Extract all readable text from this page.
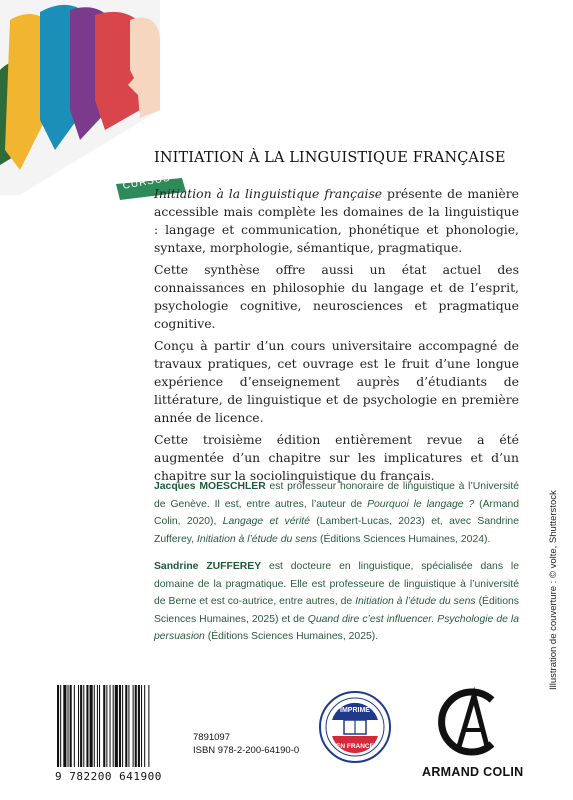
CURSUS
INITIATION À LA LINGUISTIQUE FRANÇAISE

Initiation à la linguistique française présente de manière accessible mais complète les domaines de la linguistique : langage et communication, phonétique et phonologie, syntaxe, morphologie, sémantique, pragmatique.

Cette synthèse offre aussi un état actuel des connaissances en philosophie du langage et de l’esprit, psychologie cognitive, neurosciences et pragmatique cognitive.

Conçu à partir d’un cours universitaire accompagné de travaux pratiques, cet ouvrage est le fruit d’une longue expérience d’enseignement auprès d’étudiants de littérature, de linguistique et de psychologie en première année de licence.

Cette troisième édition entièrement revue a été augmentée d’un chapitre sur les implicatures et d’un chapitre sur la sociolinguistique du français.

Jacques MOESCHLER est professeur honoraire de linguistique à l’Université de Genève. Il est, entre autres, l’auteur de Pourquoi le langage ? (Armand Colin, 2020), Langage et vérité (Lambert-Lucas, 2023) et, avec Sandrine Zufferey, Initiation à l’étude du sens (Éditions Sciences Humaines, 2024).

Sandrine ZUFFEREY est docteure en linguistique, spécialisée dans le domaine de la pragmatique. Elle est professeure de linguistique à l’université de Berne et est co-autrice, entre autres, de Initiation à l’étude du sens (Éditions Sciences Humaines, 2025) et de Quand dire c’est influencer. Psychologie de la persuasion (Éditions Sciences Humaines, 2025).	Illustration de couverture : © volte, Shutterstock
9 782200 641900
7891097
ISBN 978-2-200-64190-0
IMPRIMÉ
EN FRANCE
ARMAND COLIN
